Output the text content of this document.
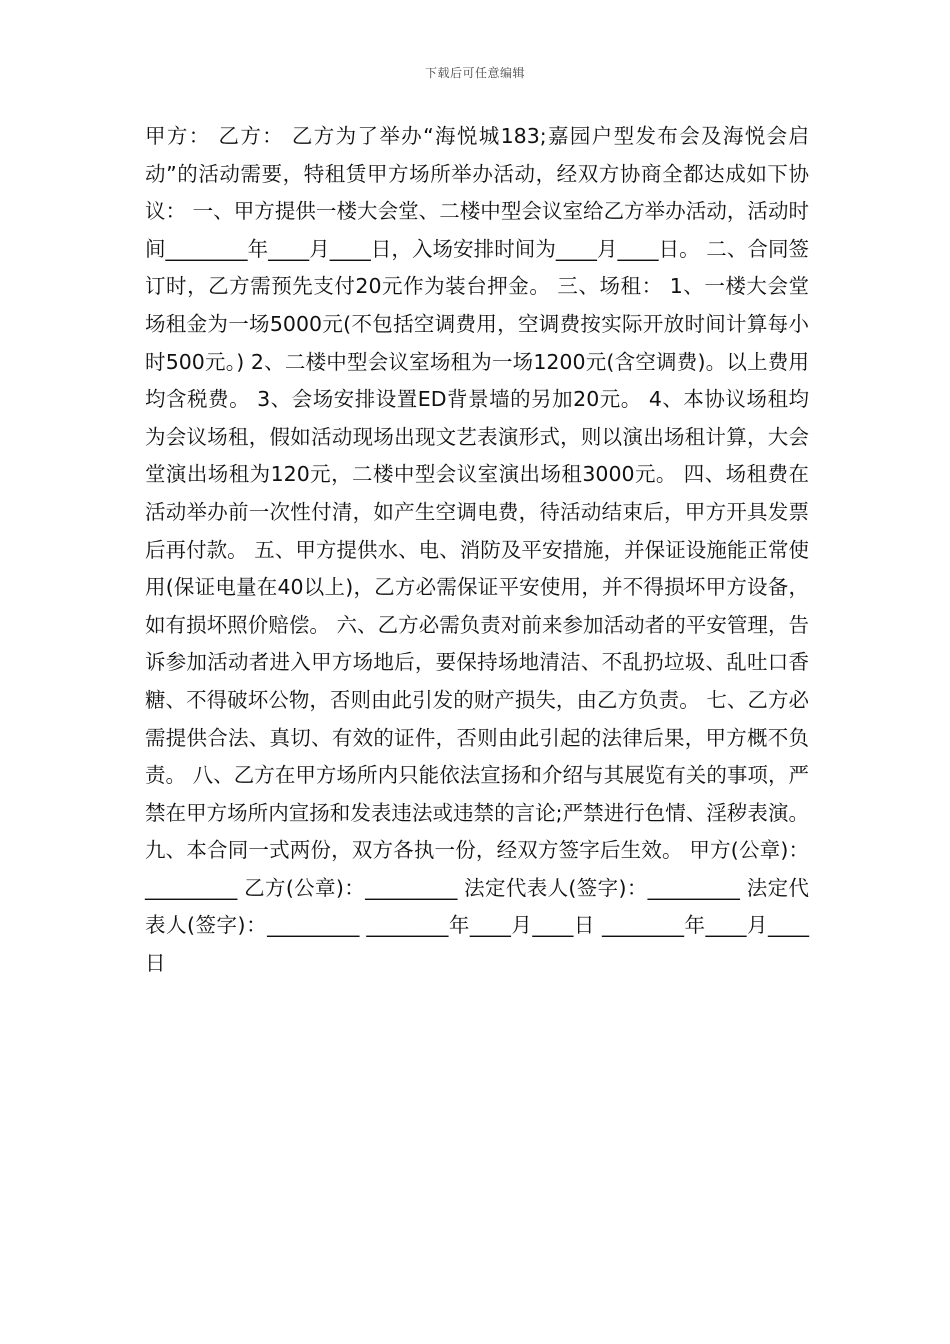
下载后可任意编辑
甲方： 乙方： 乙方为了举办“海悦城183;嘉园户型发布会及海悦会启动”的活动需要，特租赁甲方场所举办活动，经双方协商全都达成如下协议： 一、甲方提供一楼大会堂、二楼中型会议室给乙方举办活动，活动时间________年____月____日，入场安排时间为____月____日。 二、合同签订时，乙方需预先支付20元作为装台押金。 三、场租： 1、一楼大会堂场租金为一场5000元(不包括空调费用，空调费按实际开放时间计算每小时500元。) 2、二楼中型会议室场租为一场1200元(含空调费)。以上费用均含税费。 3、会场安排设置ED背景墙的另加20元。 4、本协议场租均为会议场租，假如活动现场出现文艺表演形式，则以演出场租计算，大会堂演出场租为120元，二楼中型会议室演出场租3000元。 四、场租费在活动举办前一次性付清，如产生空调电费，待活动结束后，甲方开具发票后再付款。 五、甲方提供水、电、消防及平安措施，并保证设施能正常使用(保证电量在40以上)，乙方必需保证平安使用，并不得损坏甲方设备，如有损坏照价赔偿。 六、乙方必需负责对前来参加活动者的平安管理，告诉参加活动者进入甲方场地后，要保持场地清洁、不乱扔垃圾、乱吐口香糖、不得破坏公物，否则由此引发的财产损失，由乙方负责。 七、乙方必需提供合法、真切、有效的证件，否则由此引起的法律后果，甲方概不负责。 八、乙方在甲方场所内只能依法宣扬和介绍与其展览有关的事项，严禁在甲方场所内宣扬和发表违法或违禁的言论;严禁进行色情、淫秽表演。 九、本合同一式两份，双方各执一份，经双方签字后生效。 甲方(公章)：_________ 乙方(公章)：_________ 法定代表人(签字)：_________ 法定代表人(签字)：_________ ________年____月____日 ________年____月____日
